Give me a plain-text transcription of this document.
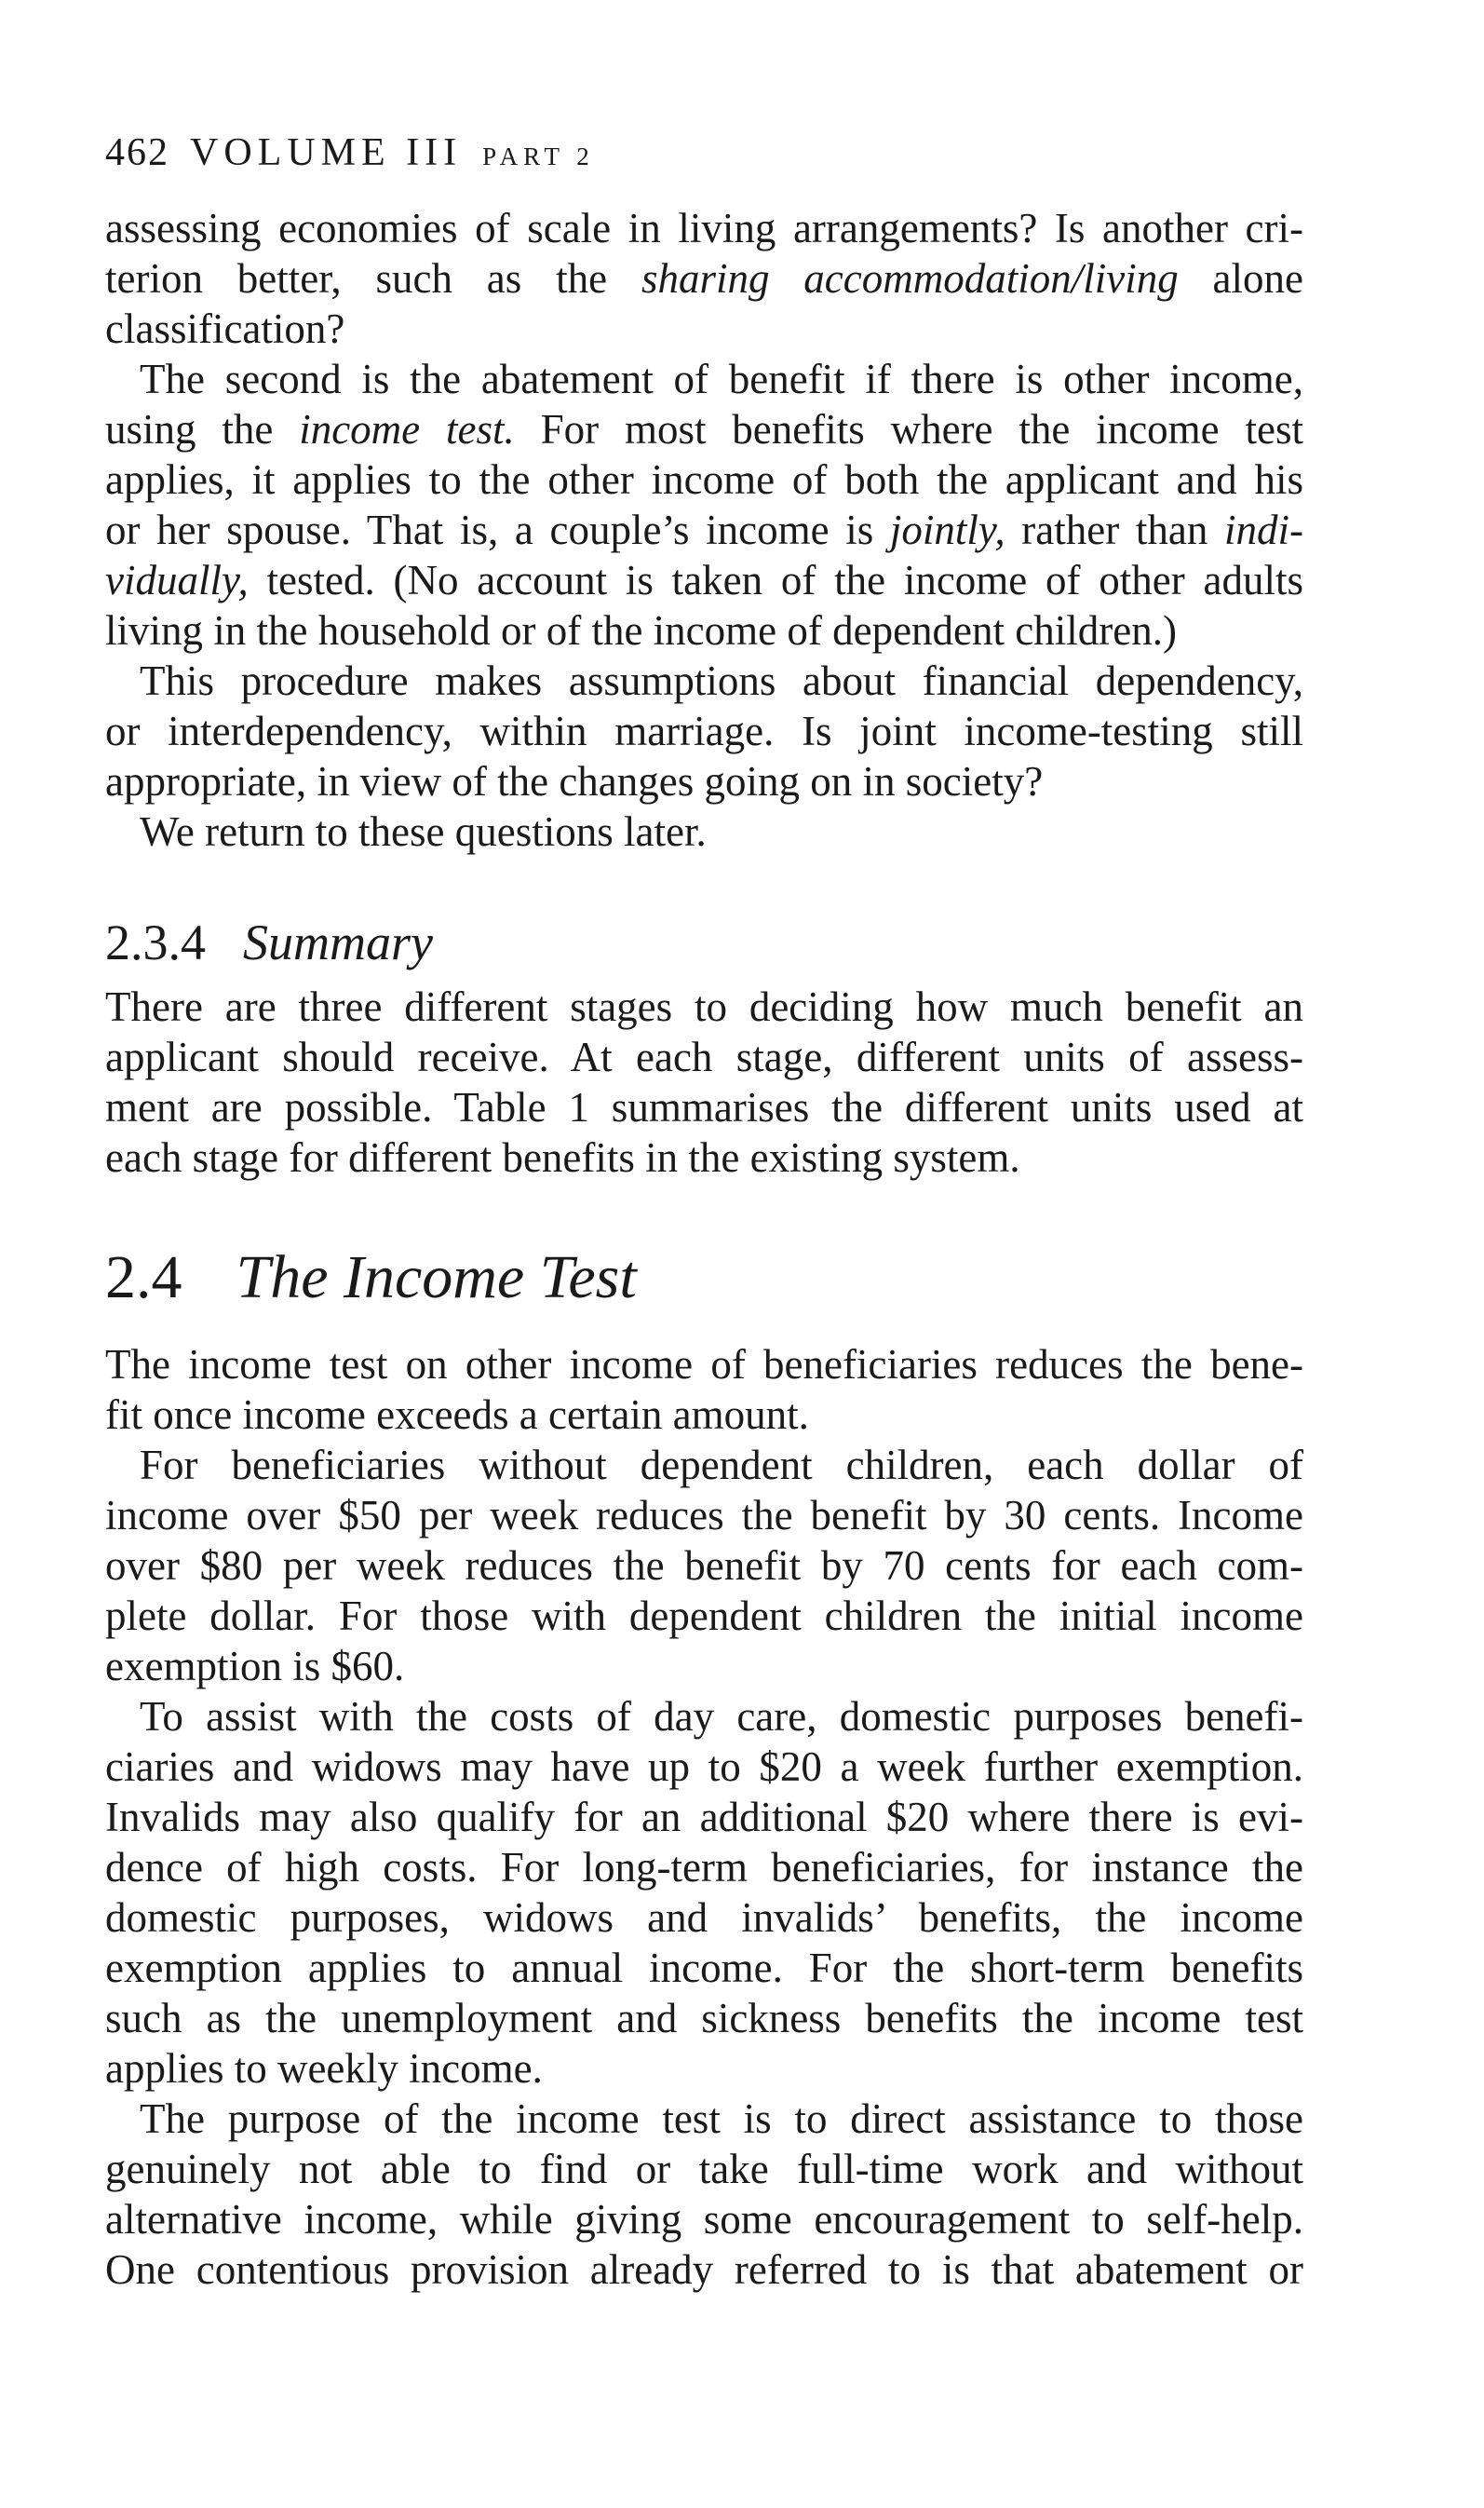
462 VOLUME III PART 2
assessing economies of scale in living arrangements? Is another cri-
terion better, such as the sharing accommodation/living alone
classification?
The second is the abatement of benefit if there is other income,
using the income test. For most benefits where the income test
applies, it applies to the other income of both the applicant and his
or her spouse. That is, a couple’s income is jointly, rather than indi-
vidually, tested. (No account is taken of the income of other adults
living in the household or of the income of dependent children.)
This procedure makes assumptions about financial dependency,
or interdependency, within marriage. Is joint income-testing still
appropriate, in view of the changes going on in society?
We return to these questions later.
2.3.4 Summary
There are three different stages to deciding how much benefit an
applicant should receive. At each stage, different units of assess-
ment are possible. Table 1 summarises the different units used at
each stage for different benefits in the existing system.
2.4 The Income Test
The income test on other income of beneficiaries reduces the bene-
fit once income exceeds a certain amount.
For beneficiaries without dependent children, each dollar of
income over $50 per week reduces the benefit by 30 cents. Income
over $80 per week reduces the benefit by 70 cents for each com-
plete dollar. For those with dependent children the initial income
exemption is $60.
To assist with the costs of day care, domestic purposes benefi-
ciaries and widows may have up to $20 a week further exemption.
Invalids may also qualify for an additional $20 where there is evi-
dence of high costs. For long-term beneficiaries, for instance the
domestic purposes, widows and invalids’ benefits, the income
exemption applies to annual income. For the short-term benefits
such as the unemployment and sickness benefits the income test
applies to weekly income.
The purpose of the income test is to direct assistance to those
genuinely not able to find or take full-time work and without
alternative income, while giving some encouragement to self-help.
One contentious provision already referred to is that abatement or
